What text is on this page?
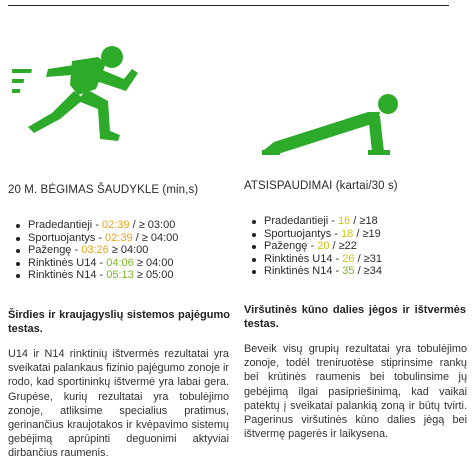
20 M. BĖGIMAS ŠAUDYKLE (min,s)
Pradedantieji - 02:39 / ≥ 03:00
Sportuojantys - 02:39 / ≥ 04:00
Pažengę - 03:26 ≥ 04:00
Rinktinės U14 - 04:06 ≥ 04:00
Rinktinės N14 - 05:13 ≥ 05:00
Širdies ir kraujagyslių sistemos pajėgumo testas.
U14 ir N14 rinktinių ištvermės rezultatai yra sveikatai palankaus fizinio pajėgumo zonoje ir rodo, kad sportininkų ištvermė yra labai gera. Grupėse, kurių rezultatai yra tobulėjimo zonoje, atliksime specialius pratimus, gerinančius kraujotakos ir kvėpavimo sistemų gebėjimą aprūpinti deguonimi aktyviai dirbančius raumenis.
ATSISPAUDIMAI (kartai/30 s)
Pradedantieji - 16 / ≥18
Sportuojantys - 18 / ≥19
Pažengę - 20 / ≥22
Rinktinės U14 - 26 / ≥31
Rinktinės N14 - 35 / ≥34
Viršutinės kūno dalies jėgos ir ištvermės testas.
Beveik visų grupių rezultatai yra tobulėjimo zonoje, todėl treniruotėse stiprinsime rankų bei krūtinės raumenis bei tobulinsime jų gebėjimą ilgai pasipriešinimą, kad vaikai patektų į sveikatai palankią zoną ir būtų tvirti. Pagerinus viršutinės kūno dalies jėgą bei ištvermę pagerės ir laikysena.
